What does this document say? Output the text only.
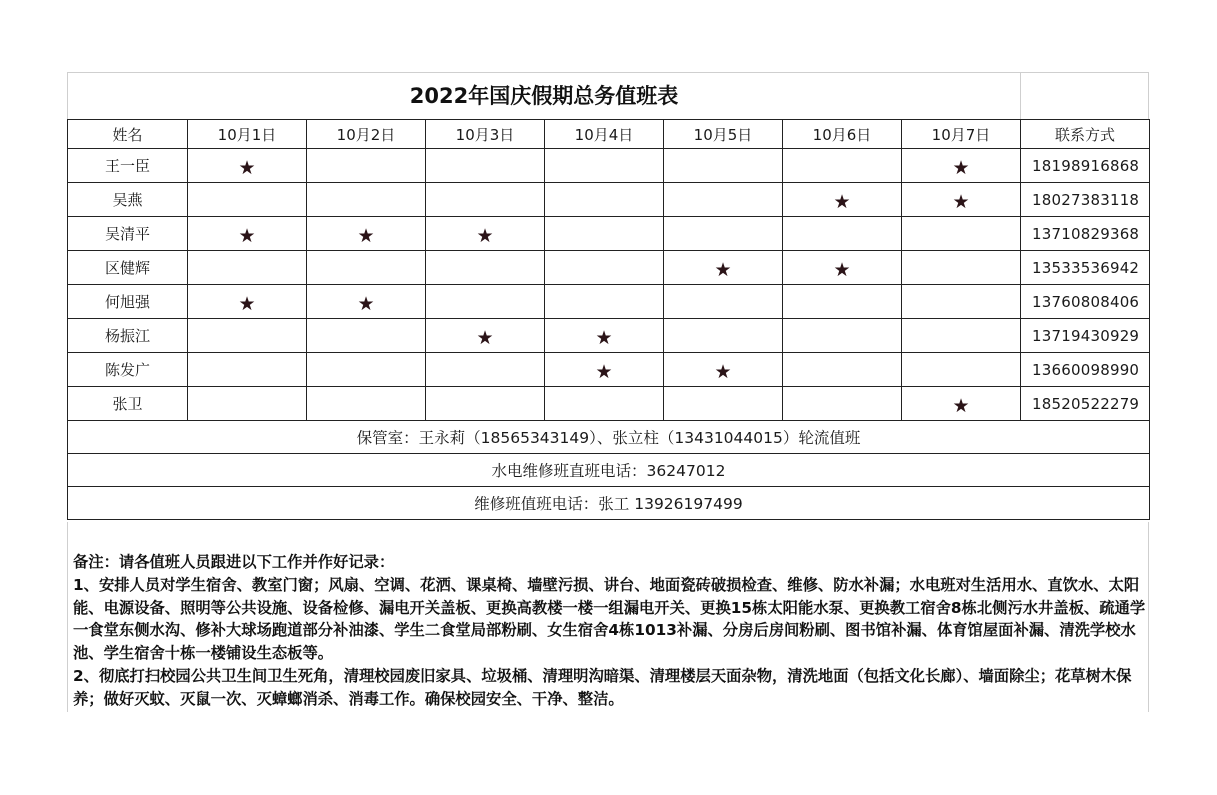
2022年国庆假期总务值班表
姓名	10月1日	10月2日	10月3日	10月4日	10月5日	10月6日	10月7日	联系方式
王一臣	★						★	18198916868
吴燕						★	★	18027383118
吴清平	★	★	★					13710829368
区健辉					★	★		13533536942
何旭强	★	★						13760808406
杨振江			★	★				13719430929
陈发广				★	★			13660098990
张卫							★	18520522279
保管室：王永莉（18565343149）、张立柱（13431044015）轮流值班								
水电维修班直班电话：36247012								
维修班值班电话：张工 13926197499								

备注：请各值班人员跟进以下工作并作好记录：

1、安排人员对学生宿舍、教室门窗；风扇、空调、花洒、课桌椅、墙壁污损、讲台、地面瓷砖破损检查、维修、防水补漏；水电班对生活用水、直饮水、太阳能、电源设备、照明等公共设施、设备检修、漏电开关盖板、更换高教楼一楼一组漏电开关、更换15栋太阳能水泵、更换教工宿舍8栋北侧污水井盖板、疏通学一食堂东侧水沟、修补大球场跑道部分补油漆、学生二食堂局部粉刷、女生宿舍4栋1013补漏、分房后房间粉刷、图书馆补漏、体育馆屋面补漏、清洗学校水池、学生宿舍十栋一楼铺设生态板等。

2、彻底打扫校园公共卫生间卫生死角，清理校园废旧家具、垃圾桶、清理明沟暗渠、清理楼层天面杂物，清洗地面（包括文化长廊）、墙面除尘；花草树木保养；做好灭蚊、灭鼠一次、灭蟑螂消杀、消毒工作。确保校园安全、干净、整洁。
